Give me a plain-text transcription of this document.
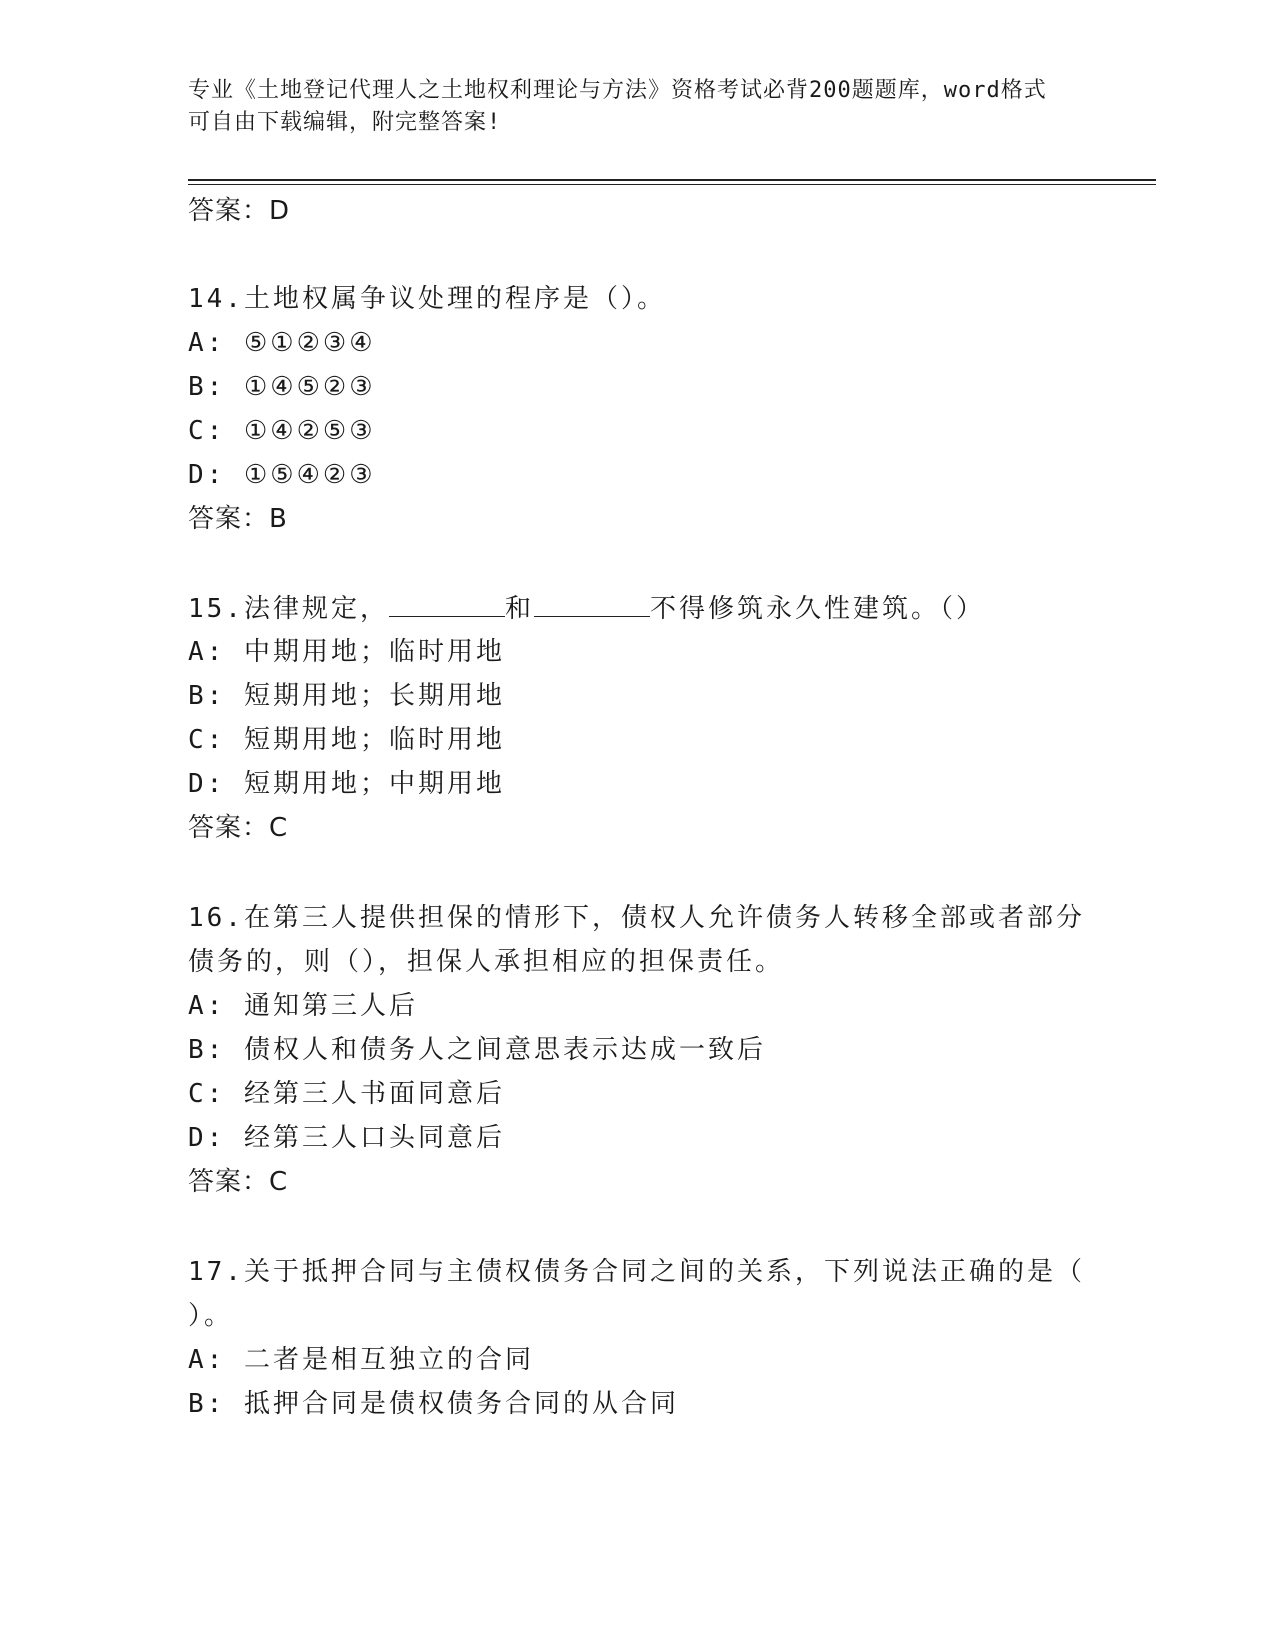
专业《土地登记代理人之土地权利理论与方法》资格考试必背200题题库，word格式可自由下载编辑，附完整答案!
答案：D
14.土地权属争议处理的程序是（）。
A: ⑤①②③④
B: ①④⑤②③
C: ①④②⑤③
D: ①⑤④②③
答案：B
15.法律规定，	和	不得修筑永久性建筑。（）
A: 中期用地；临时用地
B: 短期用地；长期用地
C: 短期用地；临时用地
D: 短期用地；中期用地
答案：C
16.在第三人提供担保的情形下，债权人允许债务人转移全部或者部分
债务的，则（），担保人承担相应的担保责任。
A: 通知第三人后
B: 债权人和债务人之间意思表示达成一致后
C: 经第三人书面同意后
D: 经第三人口头同意后
答案：C
17.关于抵押合同与主债权债务合同之间的关系，下列说法正确的是（
）。
A: 二者是相互独立的合同
B: 抵押合同是债权债务合同的从合同
